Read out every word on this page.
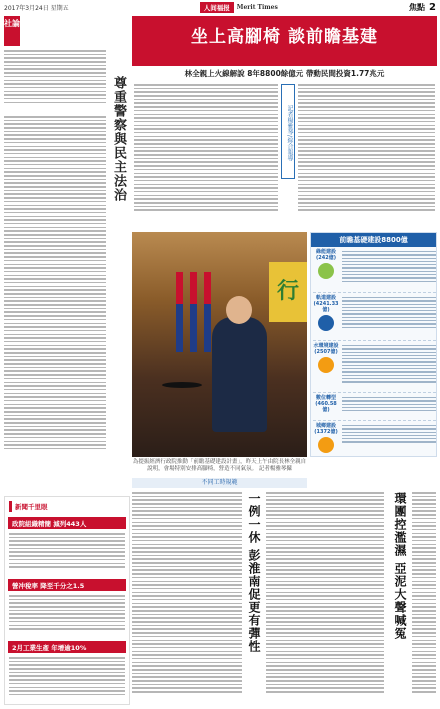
2017年3月24日 星期五	人间福报	Merit Times	焦點 2
社論
尊重警察與民主法治
新聞千里眼
政院組織精簡 減列443人
營冲稅率 降至千分之1.5
2月工業生產 年增逾10%
坐上高腳椅 談前瞻基建
林全親上火線解說 8年8800餘億元 帶動民間投資1.77兆元
記者楊雅琴/綜合報導
行
為提振經濟行政院推動「前瞻基礎建設計畫」，昨天上午由院長林全親自說明，會場特別安排高腳椅，營造不同氣氛。 記者楊雅琴攝
前瞻基礎建設8800億
綠能建設 (242億)
軌道建設 (4241.33億)
水環境建設 (2507億)
數位轉型 (460.58億)
城鄉建設 (1372億)
不同工時規範
一例一休 彭淮南促更有彈性	環團控濫濕 亞泥大聲喊冤
